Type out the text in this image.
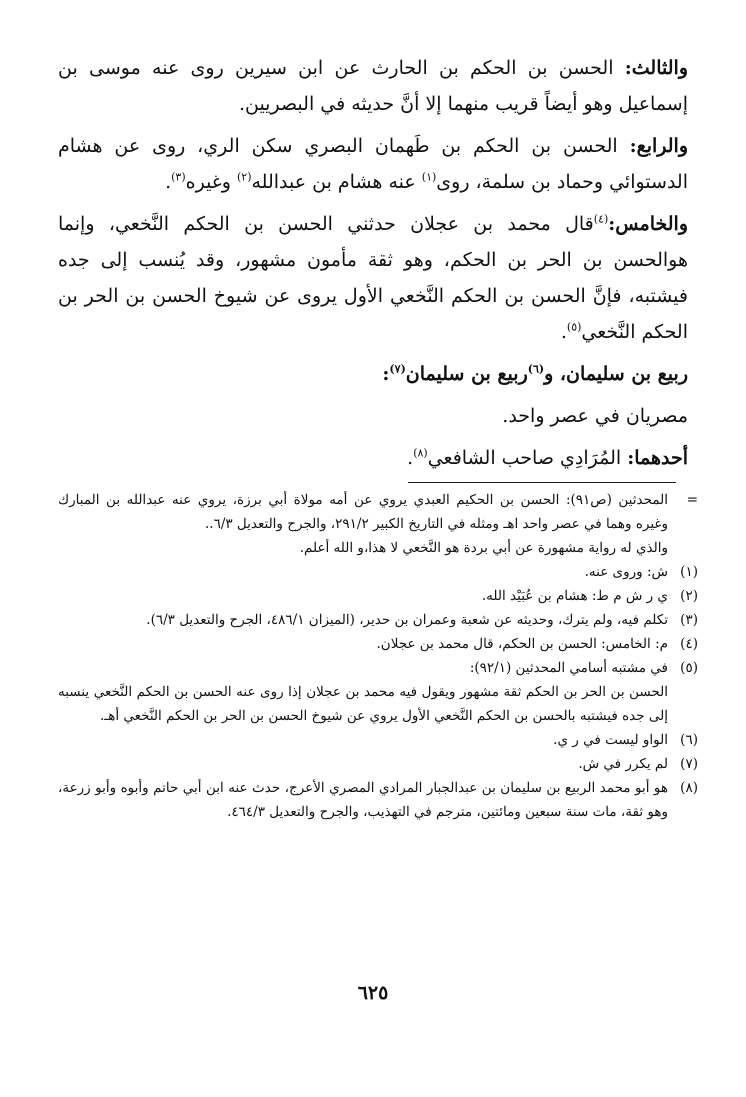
والثالث: الحسن بن الحكم بن الحارث عن ابن سيرين روى عنه موسى بن إسماعيل وهو أيضاً قريب منهما إلا أنَّ حديثه في البصريين.

والرابع: الحسن بن الحكم بن طَهمان البصري سكن الري، روى عن هشام الدستوائي وحماد بن سلمة، روى$^{(١)}$ عنه هشام بن عبدالله$^{(٢)}$ وغيره$^{(٣)}$.

والخامس:$^{(٤)}$قال محمد بن عجلان حدثني الحسن بن الحكم النَّخعي، وإنما هوالحسن بن الحر بن الحكم، وهو ثقة مأمون مشهور، وقد يُنسب إلى جده فيشتبه، فإنَّ الحسن بن الحكم النَّخعي الأول يروى عن شيوخ الحسن بن الحر بن الحكم النَّخعي$^{(٥)}$.

ربيع بن سليمان، و$^{(٦)}$ربيع بن سليمان$^{(٧)}$:

مصريان في عصر واحد.

أحدهما: المُرَادِي صاحب الشافعي$^{(٨)}$.

=
المحدثين (ص٩١): الحسن بن الحكيم العبدي يروي عن أمه مولاة أبي برزة، يروي عنه عبدالله بن المبارك وغيره وهما في عصر واحد اهـ ومثله في التاريخ الكبير ٢٩١/٢، والجرح والتعديل ٦/٣..
والذي له رواية مشهورة عن أبي بردة هو النَّخعي لا هذا،و الله أعلم.
(١)
ش: وروى عنه.
(٢)
ي ر ش م ط: هشام بن عُبَيْد الله.
(٣)
تكلم فيه، ولم يترك، وحديثه عن شعبة وعمران بن حدير، (الميزان ٤٨٦/١، الجرح والتعديل ٦/٣).
(٤)
م: الخامس: الحسن بن الحكم، قال محمد بن عجلان.
(٥)
في مشتبه أسامي المحدثين (٩٢/١):
الحسن بن الحر بن الحكم ثقة مشهور ويقول فيه محمد بن عجلان إذا روى عنه الحسن بن الحكم النَّخعي ينسبه إلى جده فيشتبه بالحسن بن الحكم النَّخعي الأول يروي عن شيوخ الحسن بن الحر بن الحكم النَّخعي أهـ.
(٦)
الواو ليست في ر ي.
(٧)
لم يكرر في ش.
(٨)
هو أبو محمد الربيع بن سليمان بن عبدالجبار المرادي المصري الأعرج، حدث عنه ابن أبي حاتم وأبوه وأبو زرعة، وهو ثقة، مات سنة سبعين ومائتين، مترجم في التهذيب، والجرح والتعديل ٤٦٤/٣.
٦٢٥
